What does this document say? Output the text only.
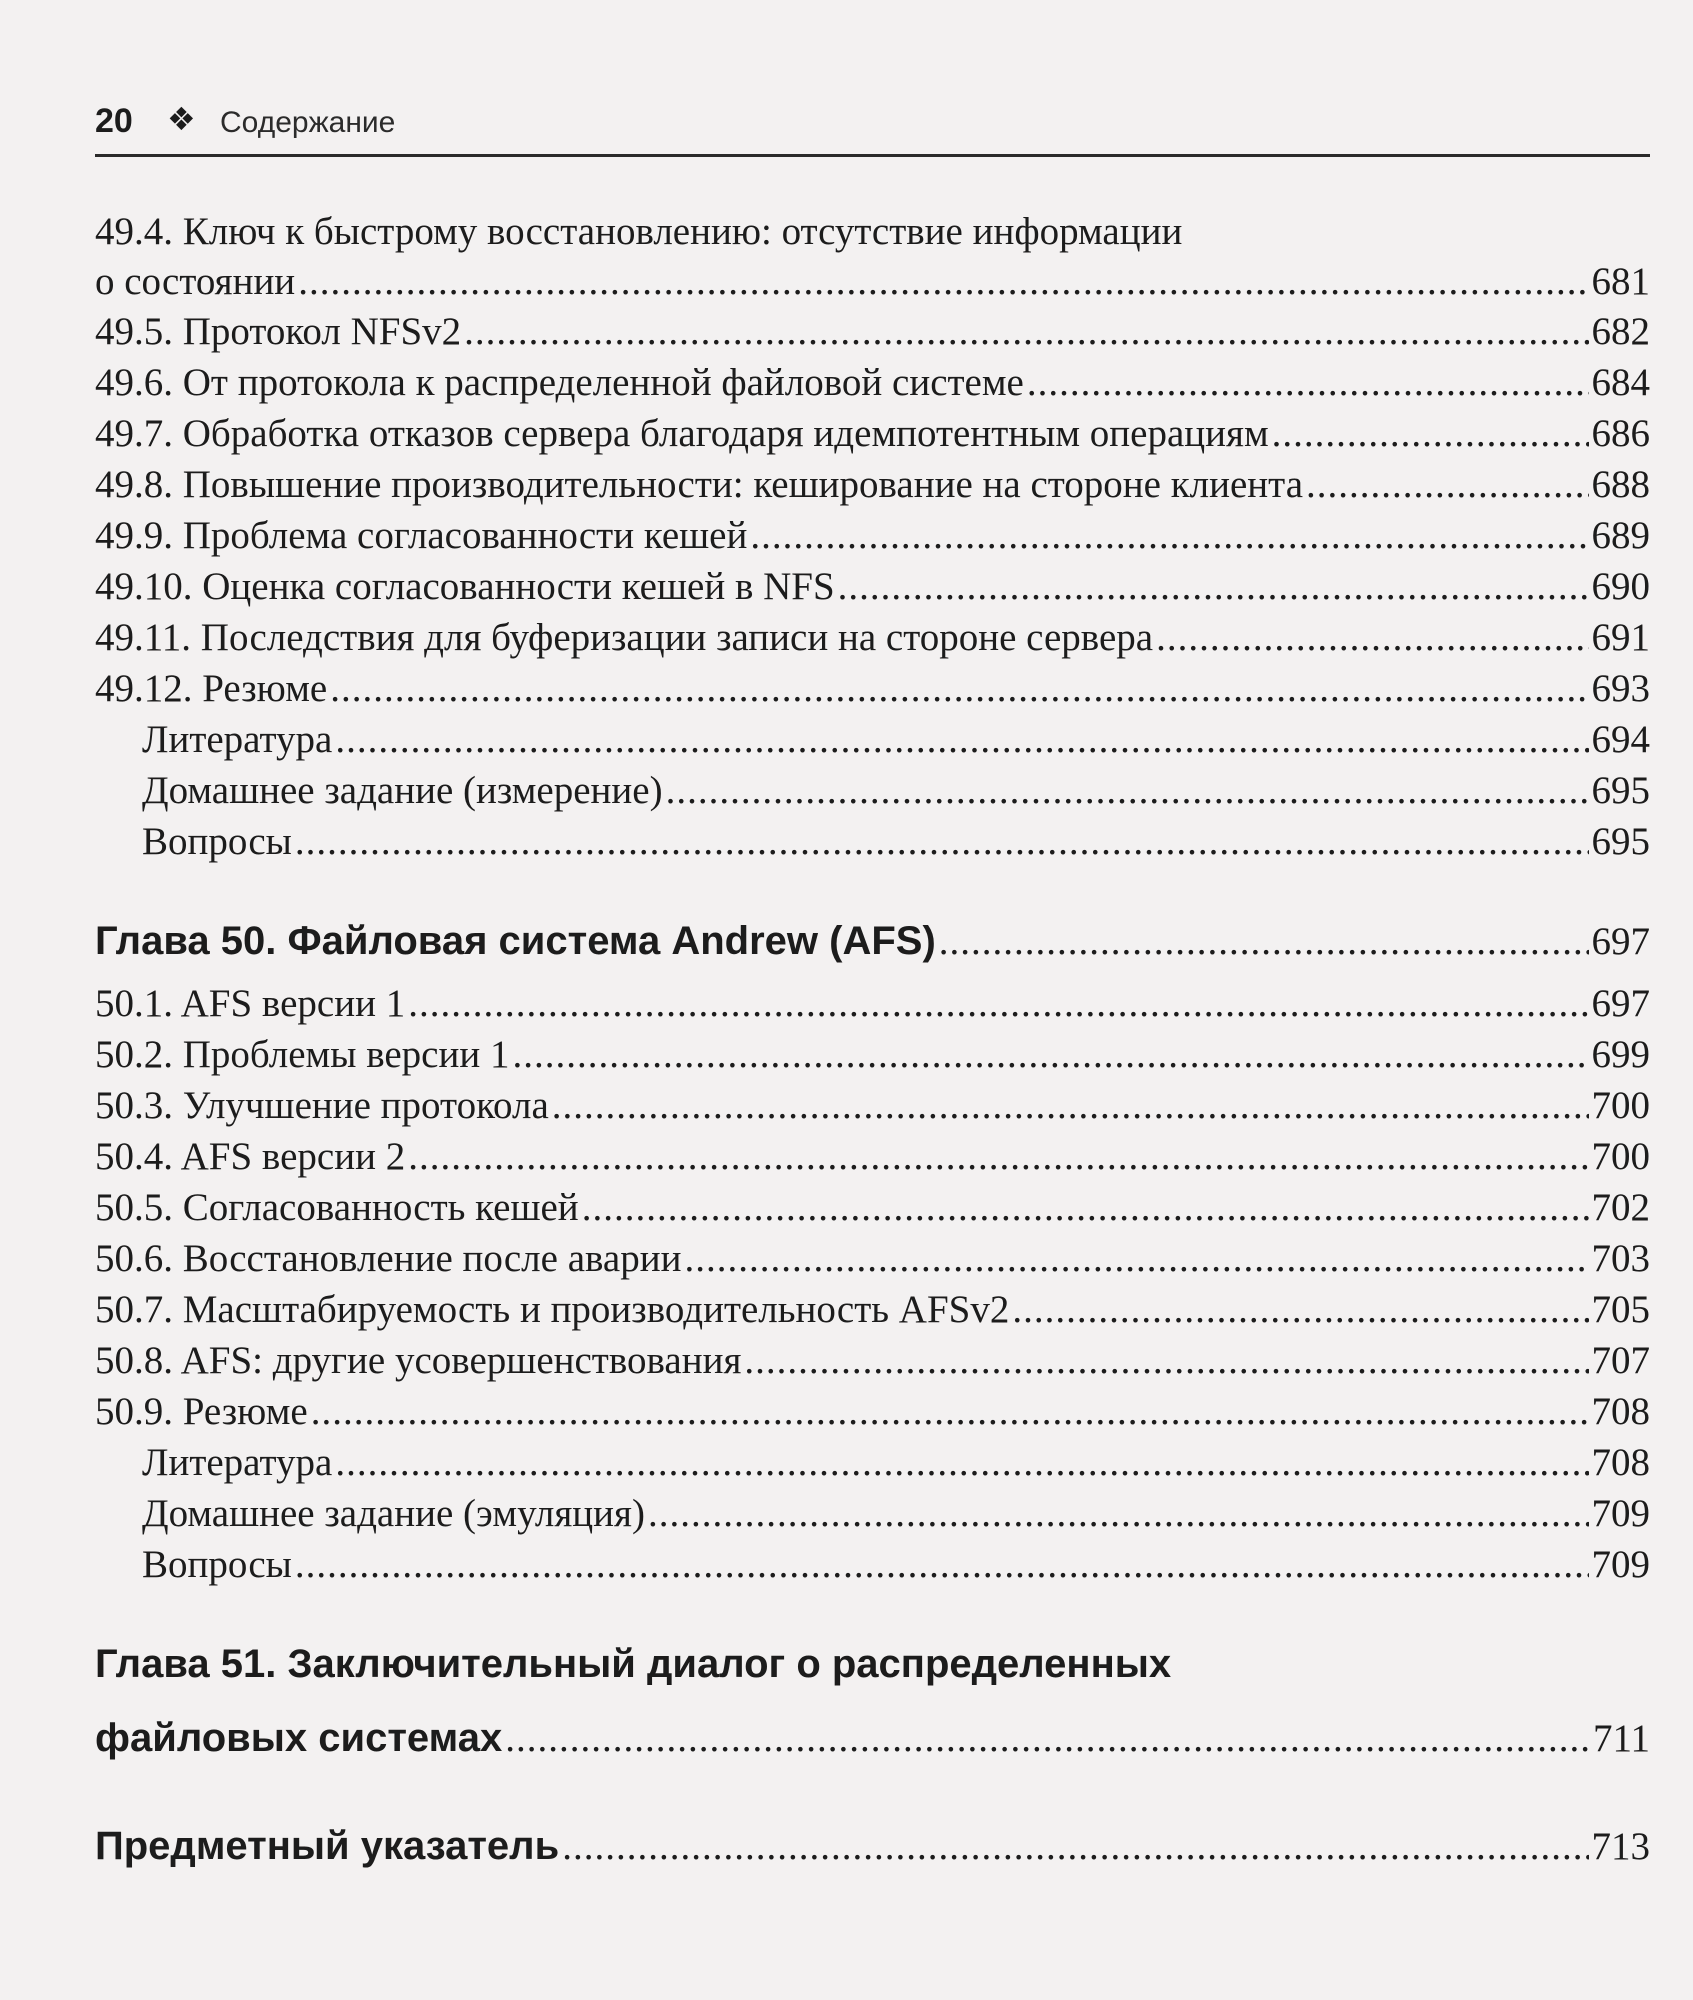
20 ❖ Содержание
49.4. Ключ к быстрому восстановлению: отсутствие информации
о состоянии .....	681
49.5. Протокол NFSv2 .....	682
49.6. От протокола к распределенной файловой системе .....	684
49.7. Обработка отказов сервера благодаря идемпотентным операциям .....	686
49.8. Повышение производительности: кеширование на стороне клиента .....	688
49.9. Проблема согласованности кешей .....	689
49.10. Оценка согласованности кешей в NFS .....	690
49.11. Последствия для буферизации записи на стороне сервера .....	691
49.12. Резюме .....	693
Литература .....	694
Домашнее задание (измерение) .....	695
Вопросы .....	695
Глава 50. Файловая система Andrew (AFS) .....	697
50.1. AFS версии 1 .....	697
50.2. Проблемы версии 1 .....	699
50.3. Улучшение протокола .....	700
50.4. AFS версии 2 .....	700
50.5. Согласованность кешей .....	702
50.6. Восстановление после аварии .....	703
50.7. Масштабируемость и производительность AFSv2 .....	705
50.8. AFS: другие усовершенствования .....	707
50.9. Резюме .....	708
Литература .....	708
Домашнее задание (эмуляция) .....	709
Вопросы .....	709
Глава 51. Заключительный диалог о распределенных
файловых системах .....	711
Предметный указатель .....	713
